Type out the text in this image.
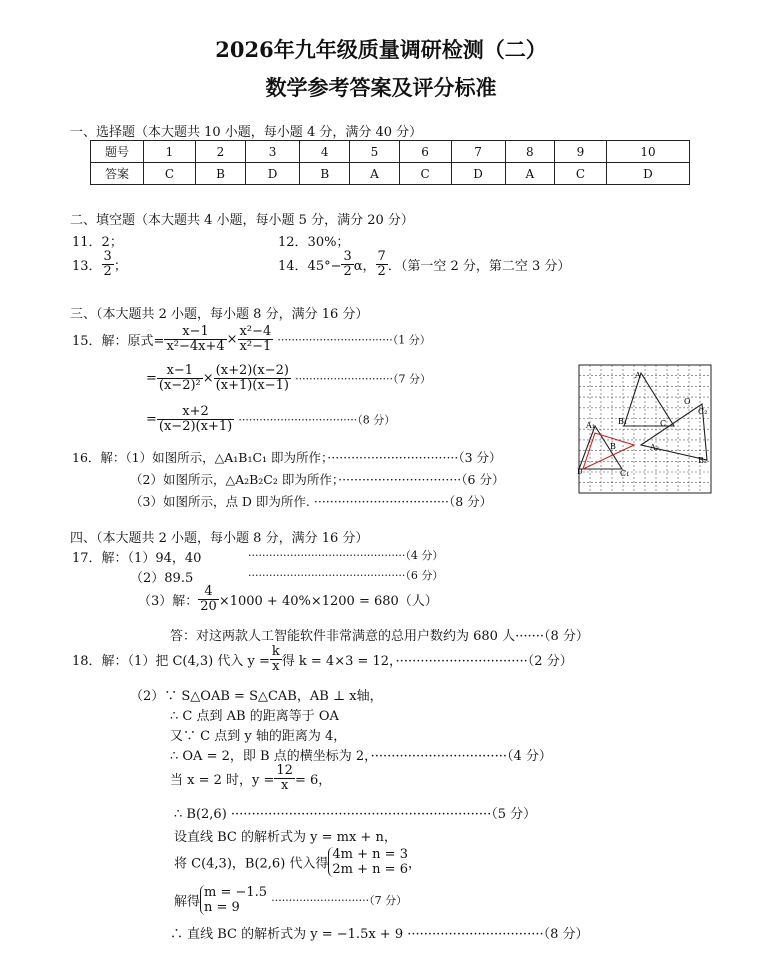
2026年九年级质量调研检测（二）
数学参考答案及评分标准
一、选择题（本大题共 10 小题，每小题 4 分，满分 40 分）
题号	1	2	3	4	5	6	7	8	9	10
答案	C	B	D	B	A	C	D	A	C	D
二、填空题（本大题共 4 小题，每小题 5 分，满分 20 分）
11．2；	12．30%；
13． $\frac{3}{2}$ ；	14．$45^\circ- \frac{3}{2}$ α， $\frac{7}{2}$ ．（第一空 2 分，第二空 3 分）
三、（本大题共 2 小题，每小题 8 分，满分 16 分）
15．解：原式= $\frac{x-1}{\text{x²−4x+4}} \times \frac{\text{x²−4}}{\text{x²−1}} \cdot\cdot\cdot\cdot\cdot\cdot\cdot\cdot\cdot\cdot\cdot\cdot\cdot\cdot\cdot\cdot\cdot\cdot\cdot\cdot\cdot\cdot\cdot\cdot\cdot\cdot\cdot\cdot\cdot\cdot\cdot\cdot\cdot(1$ 分）
= $\frac{x-1}{\text{(x−2)²}} \times \frac{(x+2)(x-2)}{(x+1)(x-1)} \cdot\cdot\cdot\cdot\cdot\cdot\cdot\cdot\cdot\cdot\cdot\cdot\cdot\cdot\cdot\cdot\cdot\cdot\cdot\cdot\cdot\cdot\cdot\cdot\cdot\cdot\cdot\cdot(7$ 分）
= $\frac{x+2}{(x-2)(x+1)} \cdot\cdot\cdot\cdot\cdot\cdot\cdot\cdot\cdot\cdot\cdot\cdot\cdot\cdot\cdot\cdot\cdot\cdot\cdot\cdot\cdot\cdot\cdot\cdot\cdot\cdot\cdot\cdot\cdot\cdot\cdot\cdot\cdot\cdot(8$ 分）
16．解：（1）如图所示，△A₁B₁C₁ 即为所作；·································（3 分）
（2）如图所示，△A₂B₂C₂ 即为所作；·······························（6 分）
（3）如图所示，点 D 即为所作. ··································（8 分）
A
B₁	C
O
C₂
A₁
B	A₂
B₂
C₁
D
四、（本大题共 2 小题，每小题 8 分，满分 16 分）
17．解：（1）94，40	·············································（4 分）
（2）89.5	·············································（6 分）
（3）解： $\frac{4}{20} \times 1000 + 40\%\times 1200 = 680$（人）
答：对这两款人工智能软件非常满意的总用户数约为 680 人·······（8 分）
18．解：（1）把 C(4,3) 代入 $y = \frac{k}{x}$ 得 k = 4×3 = 12，································（2 分）
（2）∵ S△OAB = S△CAB，AB ⊥ x轴，
∴ C 点到 AB 的距离等于 OA
又∵ C 点到 y 轴的距离为 4，
∴ OA = 2，即 B 点的横坐标为 2，·································（4 分）
当 x = 2 时，$y = \frac{12}{x} = 6$，
∴ B(2,6) ·······························································（5 分）
设直线 BC 的解析式为 y = mx + n，
将 C(4,3)，B(2,6) 代入得
4m + n = 3
2m + n = 6 ，
解得
m = −1.5
n = 9	····························（7 分）
∴ 直线 BC 的解析式为 y = −1.5x + 9 ·································（8 分）
